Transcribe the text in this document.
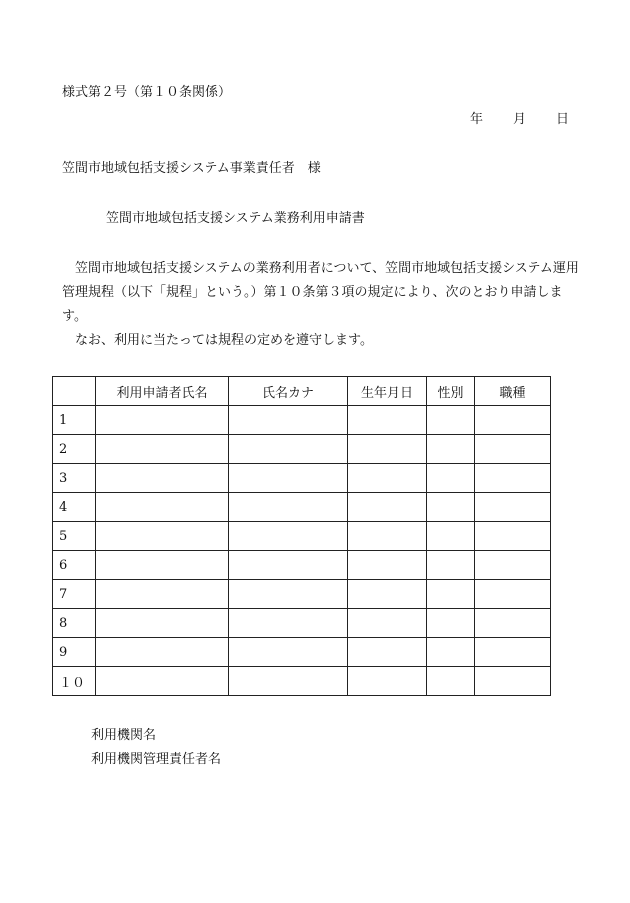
様式第２号（第１０条関係）
年 月 日
笠間市地域包括支援システム事業責任者　様
笠間市地域包括支援システム業務利用申請書

笠間市地域包括支援システムの業務利用者について、笠間市地域包括支援システム運用管理規程（以下「規程」という。）第１０条第３項の規定により、次のとおり申請します。

なお、利用に当たっては規程の定めを遵守します。

	利用申請者氏名	氏名カナ	生年月日	性別	職種
1					
2					
3					
4					
5					
6					
7					
8					
9					
１０					
利用機関名
利用機関管理責任者名
